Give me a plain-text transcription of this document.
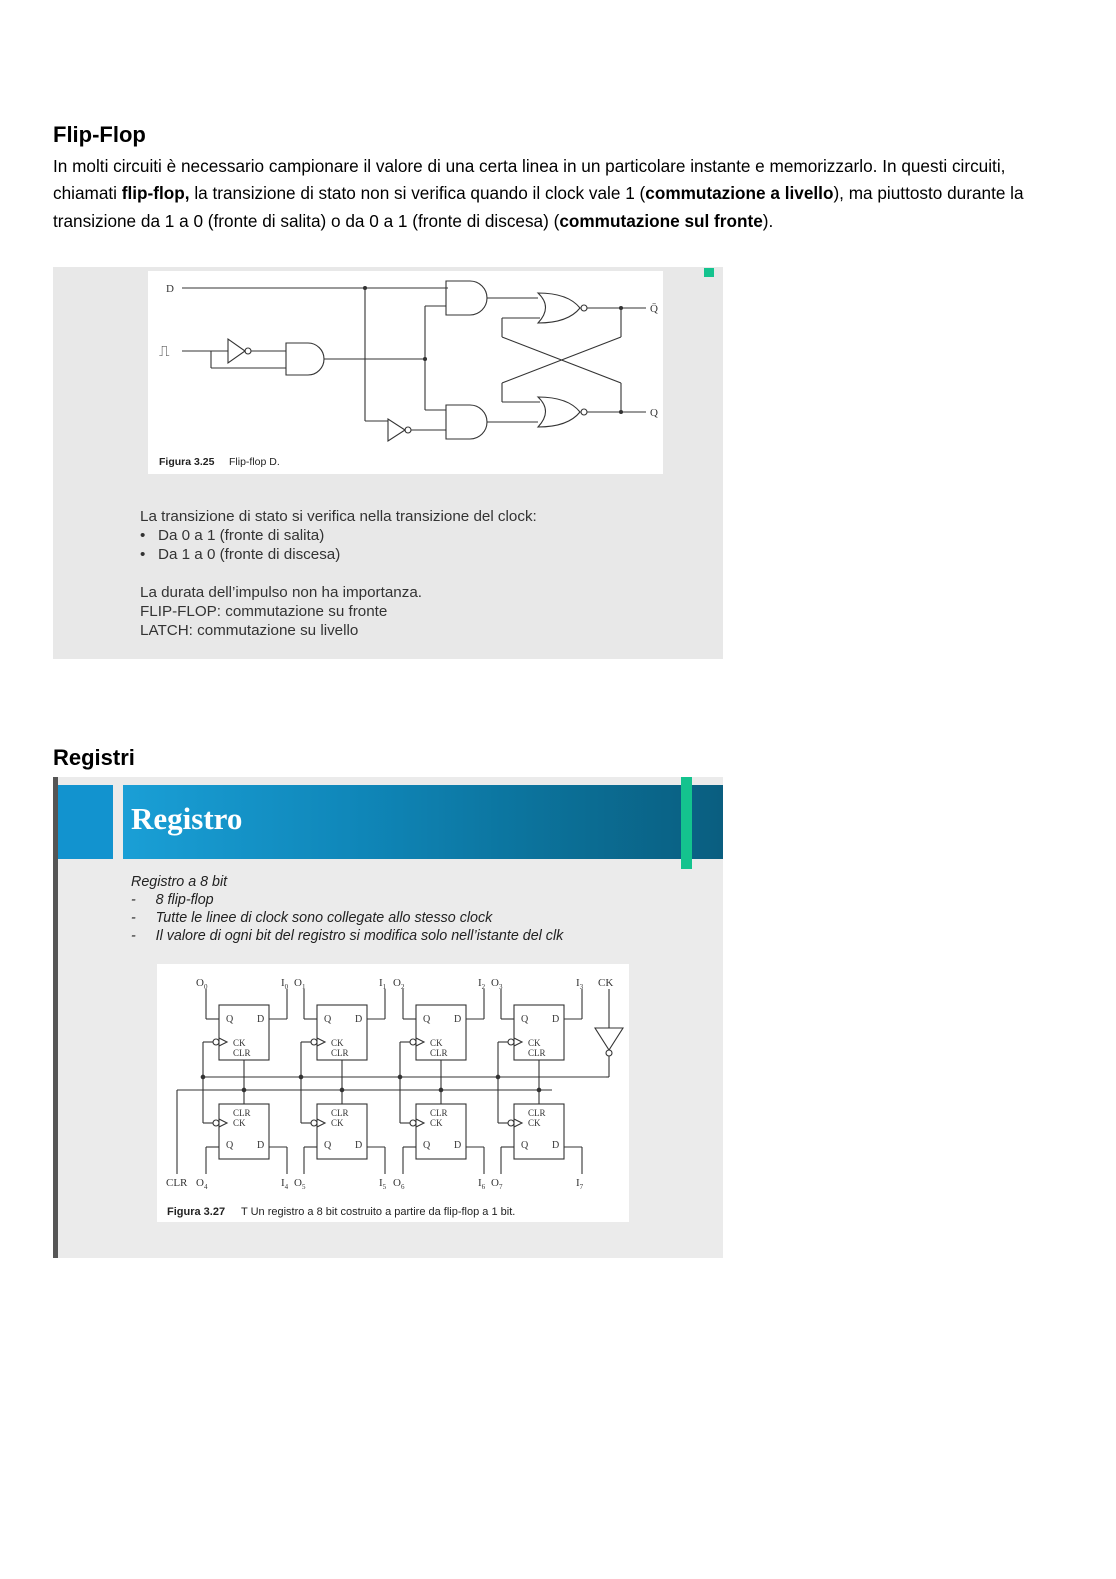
Flip-Flop
In molti circuiti è necessario campionare il valore di una certa linea in un particolare instante e memorizzarlo. In questi circuiti, chiamati flip-flop, la transizione di stato non si verifica quando il clock vale 1 (commutazione a livello), ma piuttosto durante la transizione da 1 a 0 (fronte di salita) o da 0 a 1 (fronte di discesa) (commutazione sul fronte).
D
⎍
Q̄
Q
Figura 3.25 Flip-flop D.
La transizione di stato si verifica nella transizione del clock:
•   Da 0 a 1 (fronte di salita)
•   Da 1 a 0 (fronte di discesa)
La durata dell’impulso non ha importanza.
FLIP-FLOP: commutazione su fronte
LATCH: commutazione su livello
Registri
Registro
Registro a 8 bit
-     8 flip-flop
-     Tutte le linee di clock sono collegate allo stesso clock
-     Il valore di ogni bit del registro si modifica solo nell’istante del clk
Q D
CK
CLR
CLR
CK
Q D
$O_0$	$I_0$
$O_4$	$I_4$
Q D
CK
CLR
CLR
CK
Q D
$O_1$	$I_1$
$O_5$	$I_5$
Q D
CK
CLR
CLR
CK
Q D
$O_2$	$I_2$
$O_6$	$I_6$
Q D
CK
CLR
CLR
CK
Q D
$O_3$	$I_3$
$O_7$	$I_7$
CK
CLR
Figura 3.27 T Un registro a 8 bit costruito a partire da flip-flop a 1 bit.
